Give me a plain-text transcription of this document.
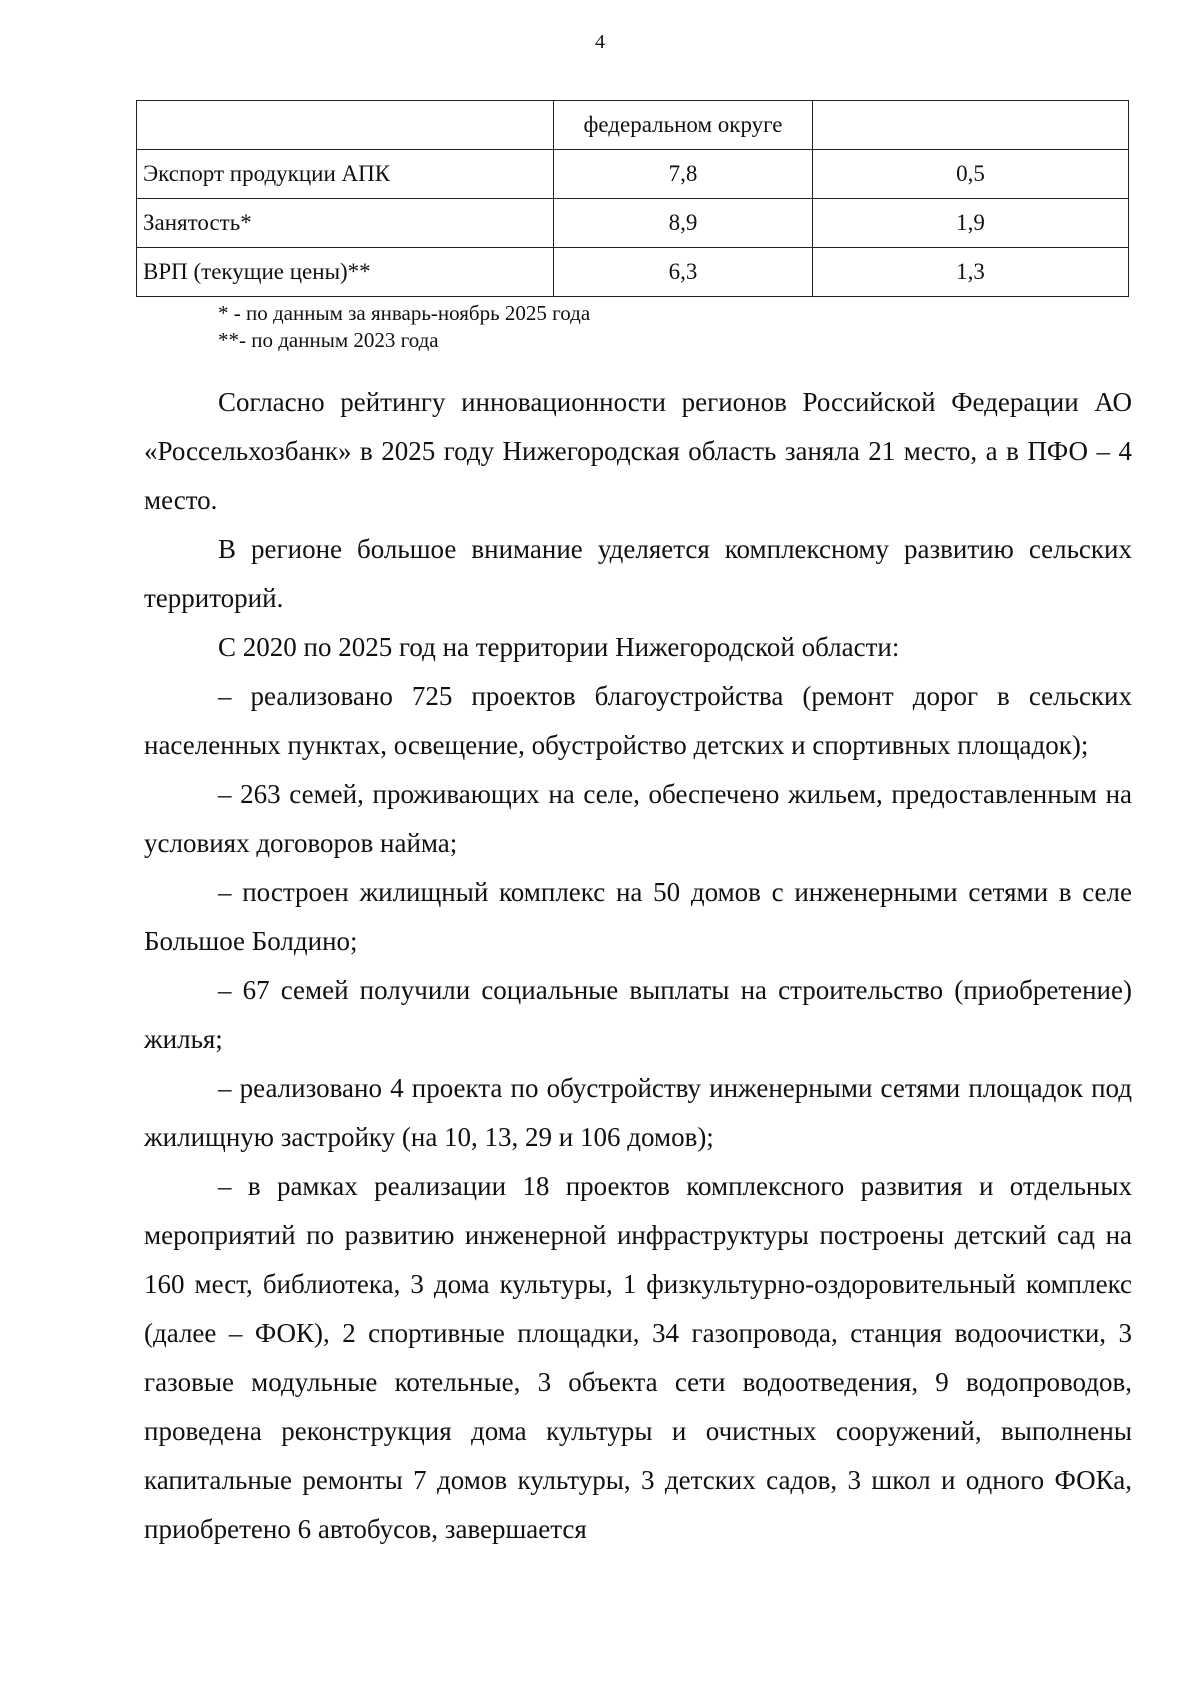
4
	федеральном округе	
Экспорт продукции АПК	7,8	0,5
Занятость*	8,9	1,9
ВРП (текущие цены)**	6,3	1,3
* - по данным за январь-ноябрь 2025 года
**- по данным 2023 года

Согласно рейтингу инновационности регионов Российской Федерации АО «Россельхозбанк» в 2025 году Нижегородская область заняла 21 место, а в ПФО – 4 место.

В регионе большое внимание уделяется комплексному развитию сельских территорий.

С 2020 по 2025 год на территории Нижегородской области:

– реализовано 725 проектов благоустройства (ремонт дорог в сельских населенных пунктах, освещение, обустройство детских и спортивных площадок);

– 263 семей, проживающих на селе, обеспечено жильем, предоставленным на условиях договоров найма;

– построен жилищный комплекс на 50 домов с инженерными сетями в селе Большое Болдино;

– 67 семей получили социальные выплаты на строительство (приобретение) жилья;

– реализовано 4 проекта по обустройству инженерными сетями площадок под жилищную застройку (на 10, 13, 29 и 106 домов);

– в рамках реализации 18 проектов комплексного развития и отдельных мероприятий по развитию инженерной инфраструктуры построены детский сад на 160 мест, библиотека, 3 дома культуры, 1 физкультурно-оздоровительный комплекс (далее – ФОК), 2 спортивные площадки, 34 газопровода, станция водоочистки, 3 газовые модульные котельные, 3 объекта сети водоотведения, 9 водопроводов, проведена реконструкция дома культуры и очистных сооружений, выполнены капитальные ремонты 7 домов культуры, 3 детских садов, 3 школ и одного ФОКа, приобретено 6 автобусов, завершается
